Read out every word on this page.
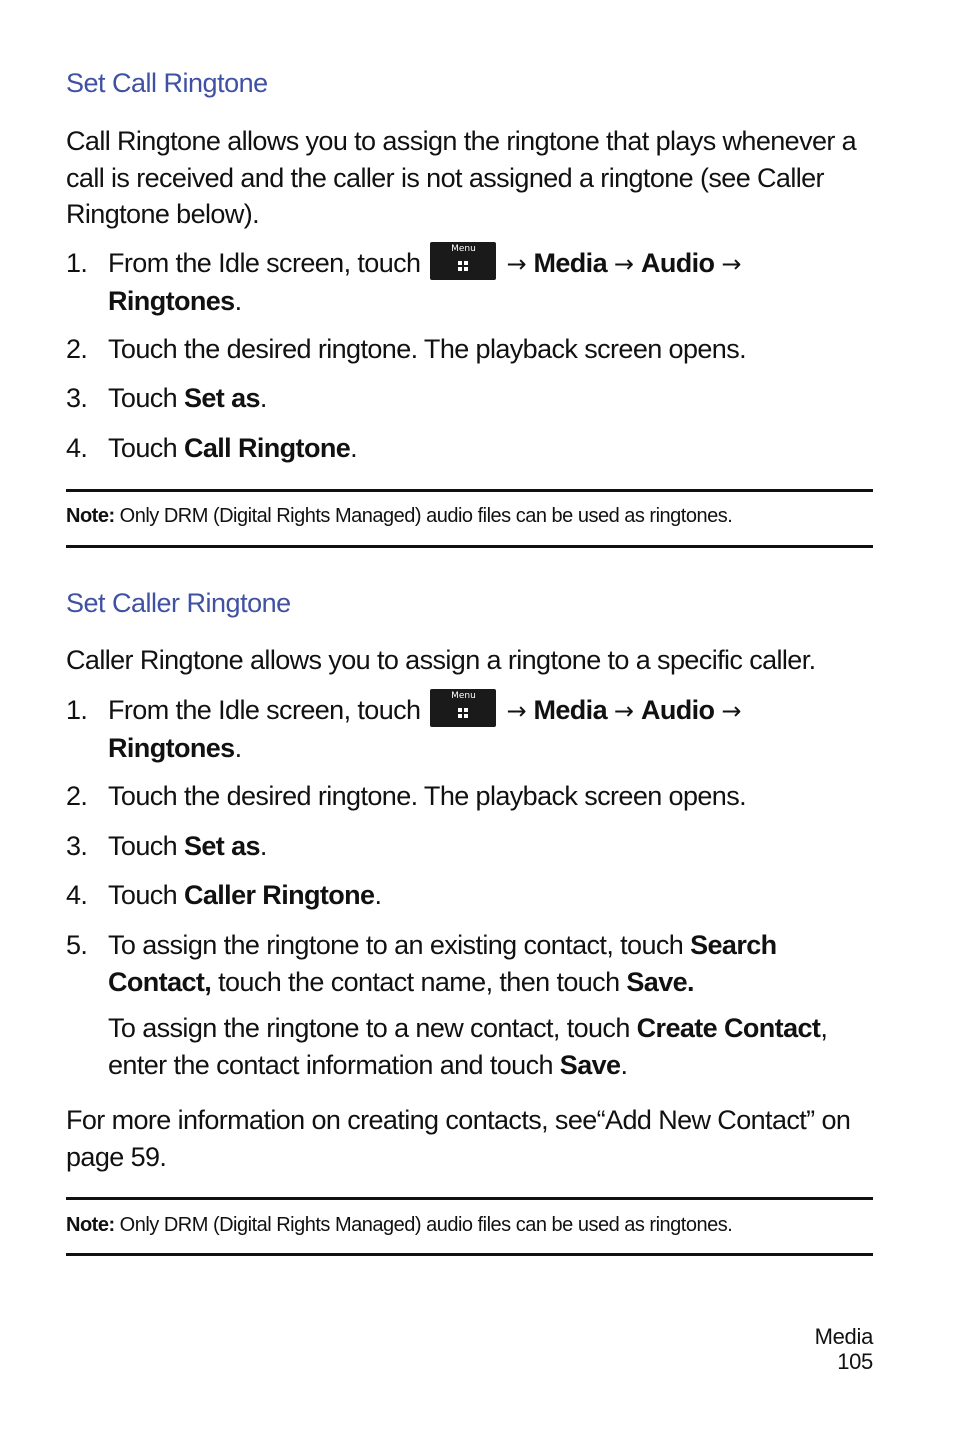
Set Call Ringtone

Call Ringtone allows you to assign the ringtone that plays whenever a call is received and the caller is not assigned a ringtone (see Caller Ringtone below).

1. From the Idle screen, touch	Menu
→ Media → Audio →
Ringtones.
2. Touch the desired ringtone. The playback screen opens.
3. Touch Set as.
4. Touch Call Ringtone.

Note: Only DRM (Digital Rights Managed) audio files can be used as ringtones.

Set Caller Ringtone

Caller Ringtone allows you to assign a ringtone to a specific caller.

1. From the Idle screen, touch	Menu
→ Media → Audio →
Ringtones.
2. Touch the desired ringtone. The playback screen opens.
3. Touch Set as.
4. Touch Caller Ringtone.
5. To assign the ringtone to an existing contact, touch Search Contact, touch the contact name, then touch Save.

To assign the ringtone to a new contact, touch Create Contact, enter the contact information and touch Save.

For more information on creating contacts, see“Add New Contact” on page 59.

Note: Only DRM (Digital Rights Managed) audio files can be used as ringtones.

Media
105
